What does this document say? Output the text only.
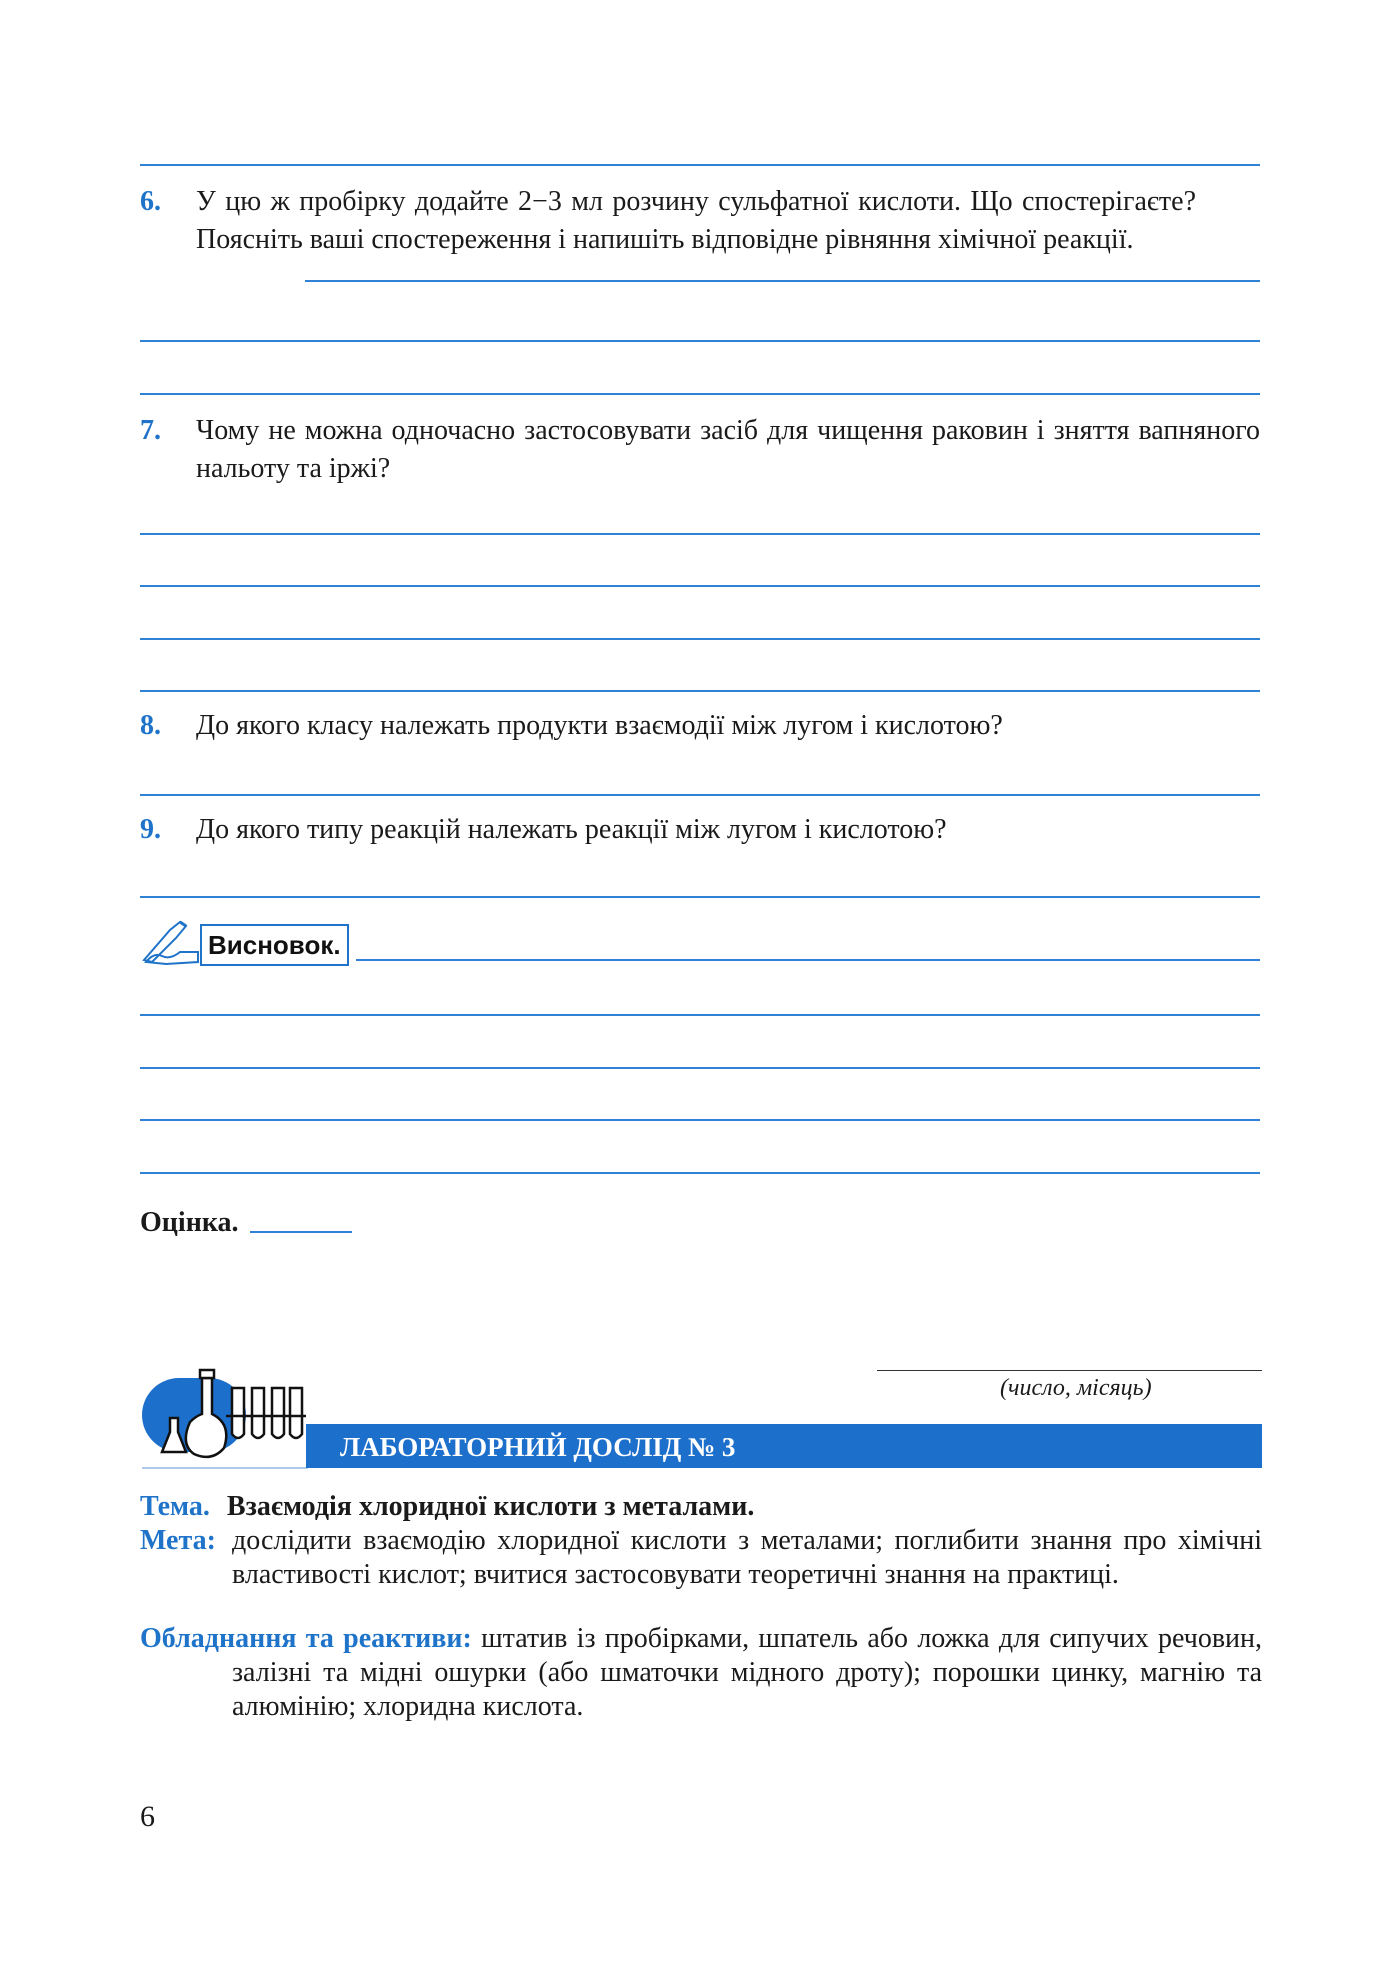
6. У цю ж пробірку додайте 2−3 мл розчину сульфатної кислоти. Що спостерігаєте? Поясніть ваші спостереження і напишіть відповідне рівняння хімічної реакції.
7. Чому не можна одночасно застосовувати засіб для чищення раковин і зняття вапняного нальоту та іржі?
8. До якого класу належать продукти взаємодії між лугом і кислотою?
9. До якого типу реакцій належать реакції між лугом і кислотою?
Висновок.
Оцінка.
(число, місяць)
ЛАБОРАТОРНИЙ ДОСЛІД № 3
Тема. Взаємодія хлоридної кислоти з металами.
Мета: дослідити взаємодію хлоридної кислоти з металами; поглибити знання про хімічні властивості кислот; вчитися застосовувати теоретичні знання на практиці.
Обладнання та реактиви: штатив із пробірками, шпатель або ложка для сипучих речовин, залізні та мідні ошурки (або шматочки мідного дроту); порошки цинку, магнію та алюмінію; хлоридна кислота.
6
